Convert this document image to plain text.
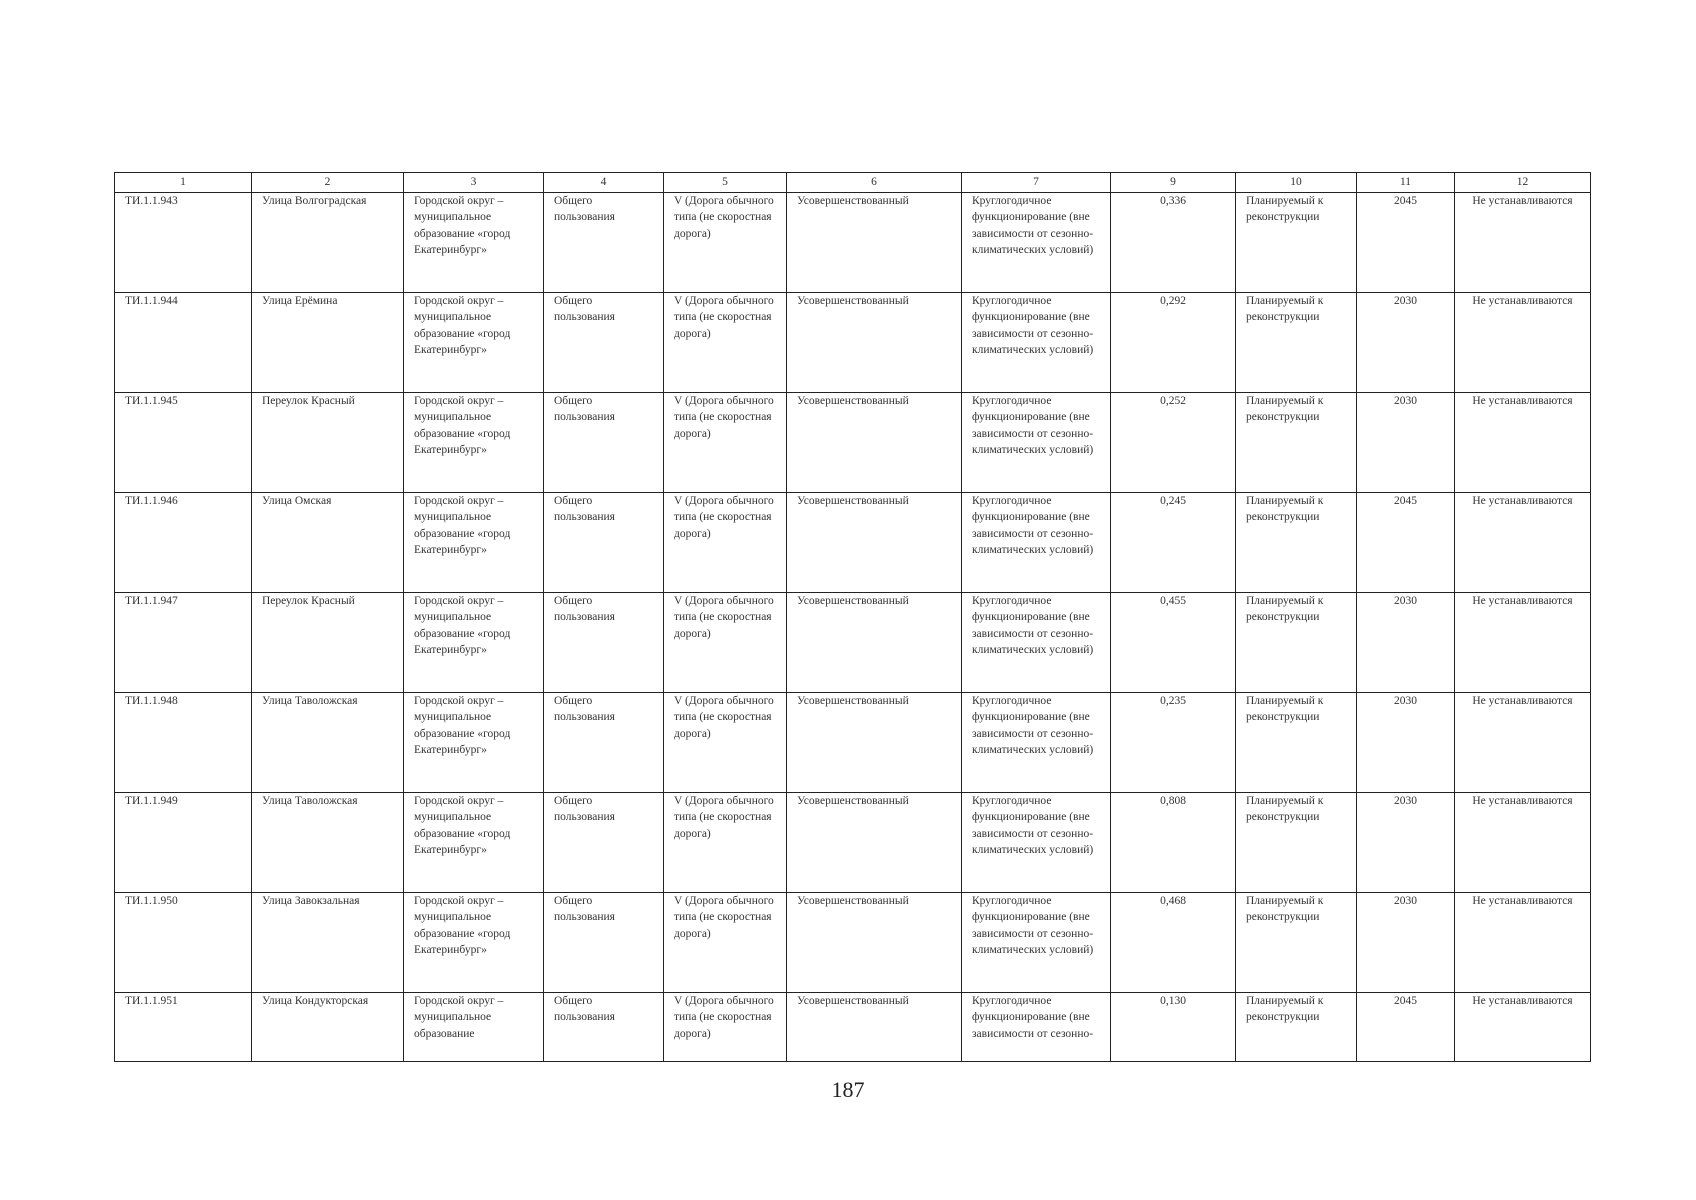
1	2	3	4	5	6	7	9	10	11	12
ТИ.1.1.943	Улица Волгоградская	Городской округ – муниципальное образование «город Екатеринбург»	Общего пользования	V (Дорога обычного типа (не скоростная дорога)	Усовершенствованный	Круглогодичное функционирование (вне зависимости от сезонно-климатических условий)	0,336	Планируемый к реконструкции	2045	Не устанавливаются
ТИ.1.1.944	Улица Ерёмина	Городской округ – муниципальное образование «город Екатеринбург»	Общего пользования	V (Дорога обычного типа (не скоростная дорога)	Усовершенствованный	Круглогодичное функционирование (вне зависимости от сезонно-климатических условий)	0,292	Планируемый к реконструкции	2030	Не устанавливаются
ТИ.1.1.945	Переулок Красный	Городской округ – муниципальное образование «город Екатеринбург»	Общего пользования	V (Дорога обычного типа (не скоростная дорога)	Усовершенствованный	Круглогодичное функционирование (вне зависимости от сезонно-климатических условий)	0,252	Планируемый к реконструкции	2030	Не устанавливаются
ТИ.1.1.946	Улица Омская	Городской округ – муниципальное образование «город Екатеринбург»	Общего пользования	V (Дорога обычного типа (не скоростная дорога)	Усовершенствованный	Круглогодичное функционирование (вне зависимости от сезонно-климатических условий)	0,245	Планируемый к реконструкции	2045	Не устанавливаются
ТИ.1.1.947	Переулок Красный	Городской округ – муниципальное образование «город Екатеринбург»	Общего пользования	V (Дорога обычного типа (не скоростная дорога)	Усовершенствованный	Круглогодичное функционирование (вне зависимости от сезонно-климатических условий)	0,455	Планируемый к реконструкции	2030	Не устанавливаются
ТИ.1.1.948	Улица Таволожская	Городской округ – муниципальное образование «город Екатеринбург»	Общего пользования	V (Дорога обычного типа (не скоростная дорога)	Усовершенствованный	Круглогодичное функционирование (вне зависимости от сезонно-климатических условий)	0,235	Планируемый к реконструкции	2030	Не устанавливаются
ТИ.1.1.949	Улица Таволожская	Городской округ – муниципальное образование «город Екатеринбург»	Общего пользования	V (Дорога обычного типа (не скоростная дорога)	Усовершенствованный	Круглогодичное функционирование (вне зависимости от сезонно-климатических условий)	0,808	Планируемый к реконструкции	2030	Не устанавливаются
ТИ.1.1.950	Улица Завокзальная	Городской округ – муниципальное образование «город Екатеринбург»	Общего пользования	V (Дорога обычного типа (не скоростная дорога)	Усовершенствованный	Круглогодичное функционирование (вне зависимости от сезонно-климатических условий)	0,468	Планируемый к реконструкции	2030	Не устанавливаются
ТИ.1.1.951	Улица Кондукторская	Городской округ – муниципальное образование	Общего пользования	V (Дорога обычного типа (не скоростная дорога)	Усовершенствованный	Круглогодичное функционирование (вне зависимости от сезонно-	0,130	Планируемый к реконструкции	2045	Не устанавливаются
187
